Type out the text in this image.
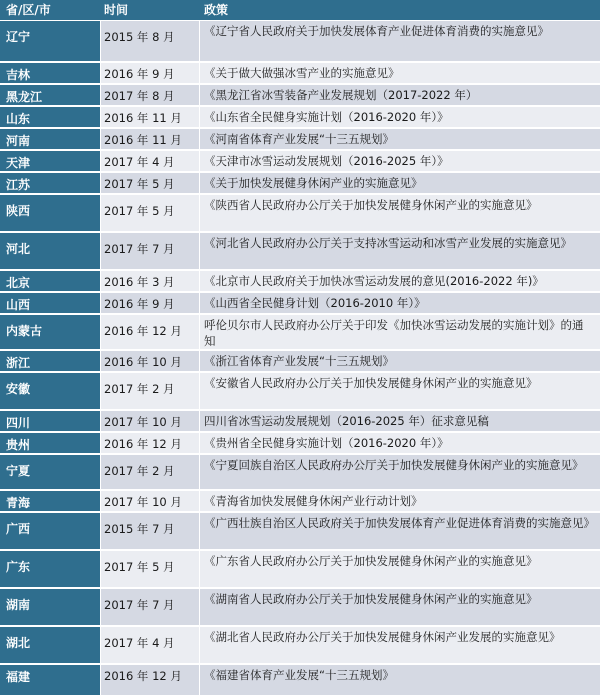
省/区/市	时间	政策
辽宁	2015 年 8 月	《辽宁省人民政府关于加快发展体育产业促进体育消费的实施意见》
吉林	2016 年 9 月	《关于做大做强冰雪产业的实施意见》
黑龙江	2017 年 8 月	《黑龙江省冰雪装备产业发展规划（2017-2022 年）
山东	2016 年 11 月 《山东省全民健身实施计划（2016-2020 年）》
河南	2016 年 11 月 《河南省体育产业发展“十三五规划》
天津	2017 年 4 月	《天津市冰雪运动发展规划（2016-2025 年）》
江苏	2017 年 5 月	《关于加快发展健身休闲产业的实施意见》
陕西	2017 年 5 月	《陕西省人民政府办公厅关于加快发展健身休闲产业的实施意见》
河北	2017 年 7 月	《河北省人民政府办公厅关于支持冰雪运动和冰雪产业发展的实施意见》
北京	2016 年 3 月	《北京市人民政府关于加快冰雪运动发展的意见(2016-2022 年)》
山西	2016 年 9 月	《山西省全民健身计划（2016-2010 年）》
内蒙古	2016 年 12 月 呼伦贝尔市人民政府办公厅关于印发《加快冰雪运动发展的实施计划》的通知
浙江	2016 年 10 月 《浙江省体育产业发展“十三五规划》
安徽	2017 年 2 月	《安徽省人民政府办公厅关于加快发展健身休闲产业的实施意见》
四川	2017 年 10 月 四川省冰雪运动发展规划（2016-2025 年）征求意见稿
贵州	2016 年 12 月 《贵州省全民健身实施计划（2016-2020 年）》
宁夏	2017 年 2 月	《宁夏回族自治区人民政府办公厅关于加快发展健身休闲产业的实施意见》
青海	2017 年 10 月 《青海省加快发展健身休闲产业行动计划》
广西	2015 年 7 月	《广西壮族自治区人民政府关于加快发展体育产业促进体育消费的实施意见》
广东	2017 年 5 月	《广东省人民政府办公厅关于加快发展健身休闲产业的实施意见》
湖南	2017 年 7 月	《湖南省人民政府办公厅关于加快发展健身休闲产业的实施意见》
湖北	2017 年 4 月	《湖北省人民政府办公厅关于加快发展健身休闲产业发展的实施意见》
福建	2016 年 12 月 《福建省体育产业发展“十三五规划》
